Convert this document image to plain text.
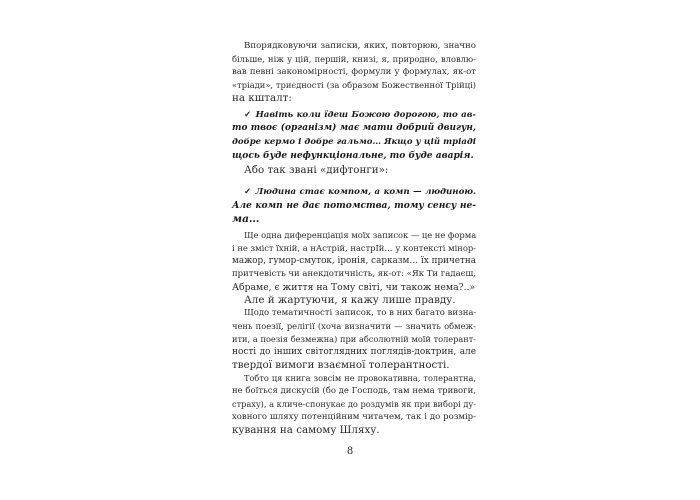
Впорядковуючи записки, яких, повторюю, значно
більше, ніж у цій, першій, книзі, я, природно, вловлю-
вав певні закономірності, формули у формулах, як-от
«тріади», триєдності (за образом Божественної Трійці)
на кшталт:
✓ Навіть коли їдеш Божою дорогою, то ав-
то твоє (організм) має мати добрий двигун,
добре кермо і добре гальмо… Якщо у цій тріаді
щось буде нефункціональне, то буде аварія.
Або так звані «дифтонги»:
✓ Людина стає компом, а комп — людиною.
Але комп не дає потомства, тому сенсу не-
ма…
Ще одна диференціація моїх записок — це не форма
і не зміст їхній, а нАстрій, настрІй… у контексті мінор-
мажор, гумор-смуток, іронія, сарказм… їх причетна
притчевість чи анекдотичність, як-от: «Як Ти гадаєш,
Абраме, є життя на Тому світі, чи також нема?..»
Але й жартуючи, я кажу лише правду.
Щодо тематичності записок, то в них багато визна-
чень поезії, релігії (хоча визначити — значить обмеж-
ити, а поезія безмежна) при абсолютній моїй толерант-
ності до інших світоглядних поглядів-доктрин, але
твердої вимоги взаємної толерантності.
Тобто ця книга зовсім не провокативна, толерантна,
не боїться дискусій (бо де Господь, там нема тривоги,
страху), а кличе-спонукає до роздумів як при виборі ду-
ховного шляху потенційним читачем, так і до розмір-
кування на самому Шляху.
8
